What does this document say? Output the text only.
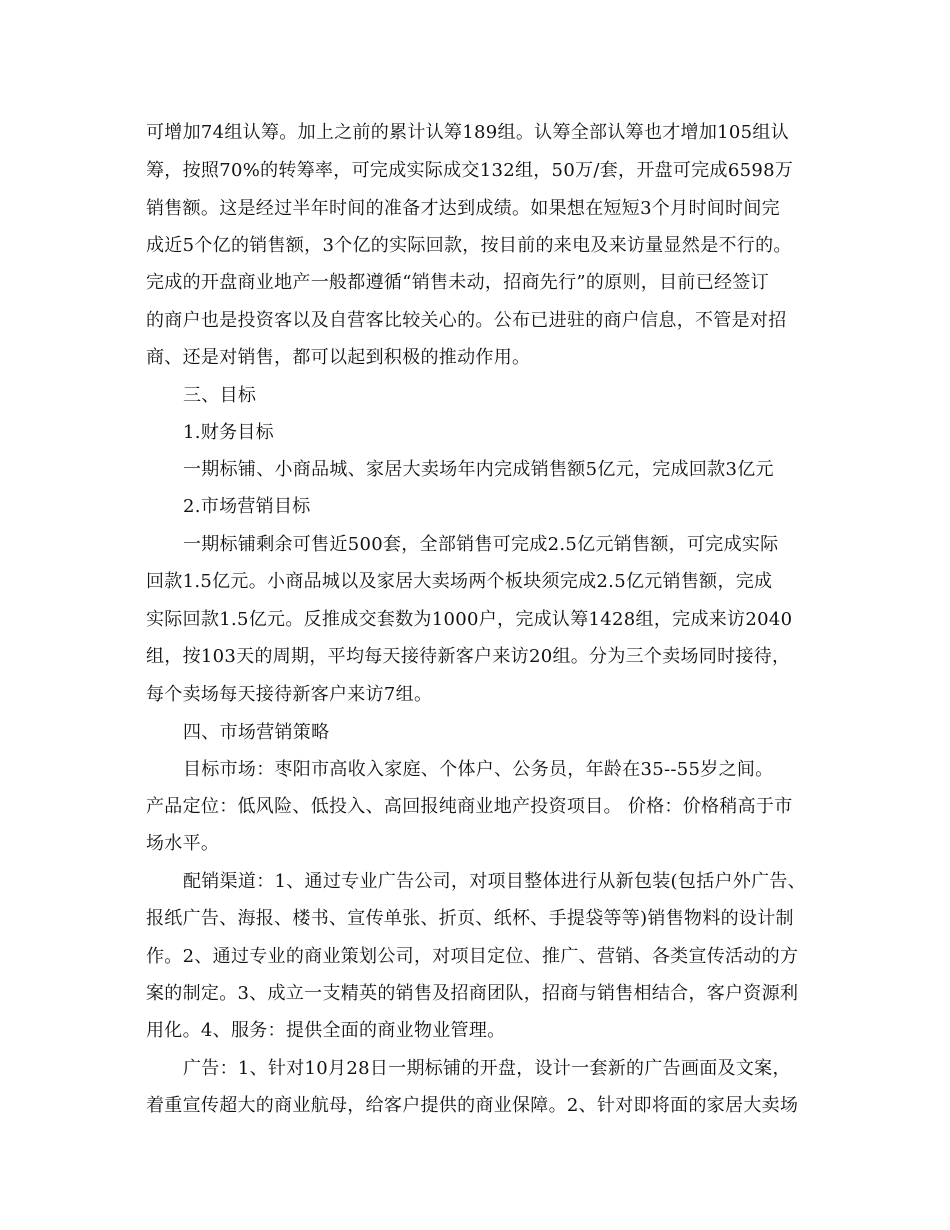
可增加74组认筹。加上之前的累计认筹189组。认筹全部认筹也才增加105组认
筹，按照70%的转筹率，可完成实际成交132组，50万/套，开盘可完成6598万
销售额。这是经过半年时间的准备才达到成绩。如果想在短短3个月时间时间完
成近5个亿的销售额，3个亿的实际回款，按目前的来电及来访量显然是不行的。
完成的开盘商业地产一般都遵循“销售未动，招商先行”的原则，目前已经签订
的商户也是投资客以及自营客比较关心的。公布已进驻的商户信息，不管是对招
商、还是对销售，都可以起到积极的推动作用。
三、目标
1.财务目标
一期标铺、小商品城、家居大卖场年内完成销售额5亿元，完成回款3亿元
2.市场营销目标
一期标铺剩余可售近500套，全部销售可完成2.5亿元销售额，可完成实际
回款1.5亿元。小商品城以及家居大卖场两个板块须完成2.5亿元销售额，完成
实际回款1.5亿元。反推成交套数为1000户，完成认筹1428组，完成来访2040
组，按103天的周期，平均每天接待新客户来访20组。分为三个卖场同时接待，
每个卖场每天接待新客户来访7组。
四、市场营销策略
目标市场：枣阳市高收入家庭、个体户、公务员，年龄在35--55岁之间。
产品定位：低风险、低投入、高回报纯商业地产投资项目。 价格：价格稍高于市
场水平。
配销渠道：1、通过专业广告公司，对项目整体进行从新包装(包括户外广告、
报纸广告、海报、楼书、宣传单张、折页、纸杯、手提袋等等)销售物料的设计制
作。2、通过专业的商业策划公司，对项目定位、推广、营销、各类宣传活动的方
案的制定。3、成立一支精英的销售及招商团队，招商与销售相结合，客户资源利
用化。4、服务：提供全面的商业物业管理。
广告：1、针对10月28日一期标铺的开盘，设计一套新的广告画面及文案，
着重宣传超大的商业航母，给客户提供的商业保障。2、针对即将面的家居大卖场
